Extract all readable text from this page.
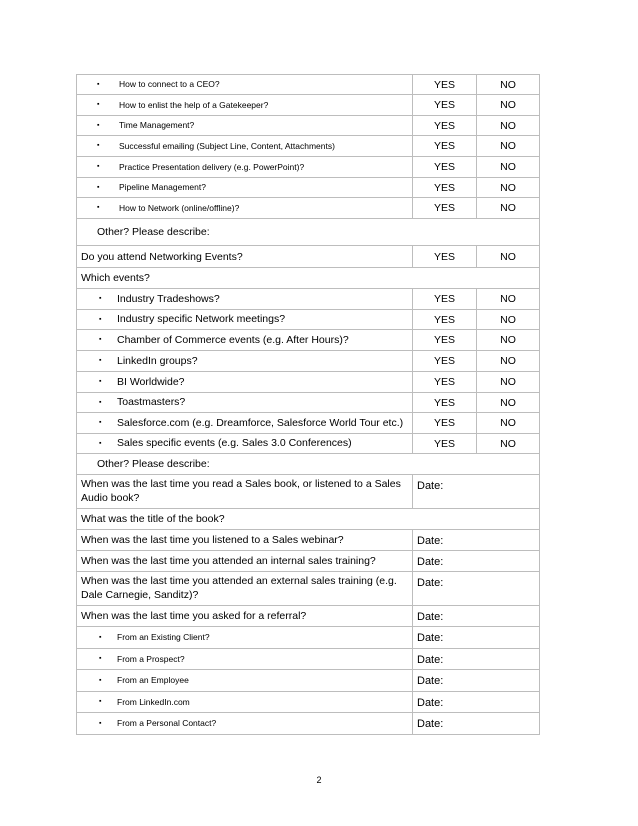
▪ How to connect to a CEO?	YES	NO
▪ How to enlist the help of a Gatekeeper?	YES	NO
▪ Time Management?	YES	NO
▪ Successful emailing (Subject Line, Content, Attachments)	YES	NO
▪ Practice Presentation delivery (e.g. PowerPoint)?	YES	NO
▪ Pipeline Management?	YES	NO
▪ How to Network (online/offline)?	YES	NO
Other? Please describe:		
Do you attend Networking Events?	YES	NO
Which events?		
▪ Industry Tradeshows?	YES	NO
▪ Industry specific Network meetings?	YES	NO
▪ Chamber of Commerce events (e.g. After Hours)?	YES	NO
▪ LinkedIn groups?	YES	NO
▪ BI Worldwide?	YES	NO
▪ Toastmasters?	YES	NO
▪ Salesforce.com (e.g. Dreamforce, Salesforce World Tour etc.)	YES	NO
▪ Sales specific events (e.g. Sales 3.0 Conferences)	YES	NO
Other? Please describe:		
When was the last time you read a Sales book, or listened to a Sales Audio book?	Date:	
What was the title of the book?		
When was the last time you listened to a Sales webinar?	Date:	
When was the last time you attended an internal sales training?	Date:	
When was the last time you attended an external sales training (e.g. Dale Carnegie, Sanditz)?	Date:	
When was the last time you asked for a referral?	Date:	
▪ From an Existing Client?	Date:	
▪ From a Prospect?	Date:	
▪ From an Employee	Date:	
▪ From LinkedIn.com	Date:	
▪ From a Personal Contact?	Date:	
2
